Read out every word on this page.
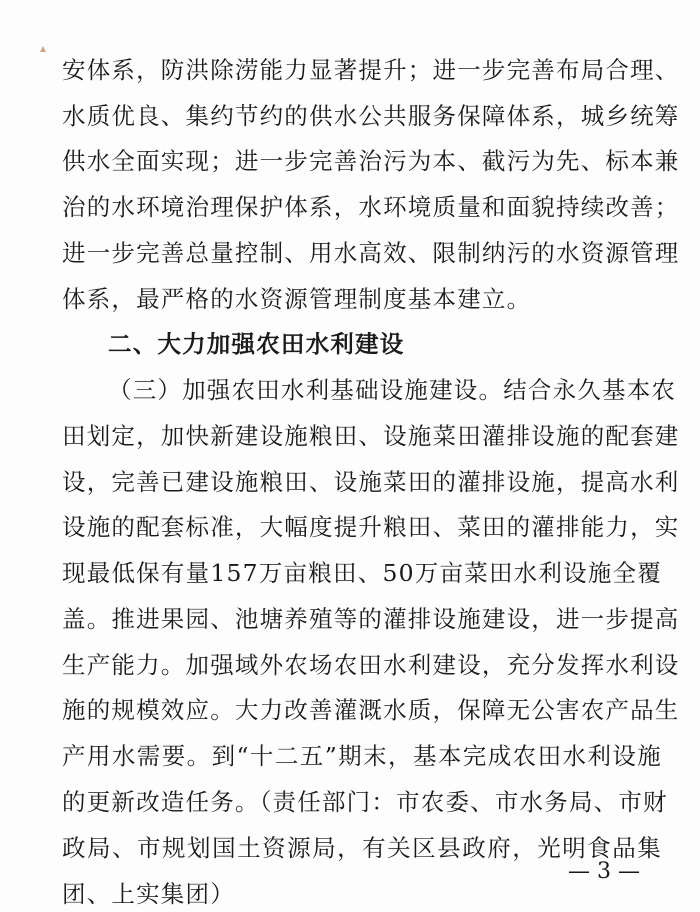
安体系，防洪除涝能力显著提升；进一步完善布局合理、
水质优良、集约节约的供水公共服务保障体系，城乡统筹
供水全面实现；进一步完善治污为本、截污为先、标本兼
治的水环境治理保护体系，水环境质量和面貌持续改善；
进一步完善总量控制、用水高效、限制纳污的水资源管理
体系，最严格的水资源管理制度基本建立。
二、大力加强农田水利建设
（三）加强农田水利基础设施建设。结合永久基本农
田划定，加快新建设施粮田、设施菜田灌排设施的配套建
设，完善已建设施粮田、设施菜田的灌排设施，提高水利
设施的配套标准，大幅度提升粮田、菜田的灌排能力，实
现最低保有量157万亩粮田、50万亩菜田水利设施全覆
盖。推进果园、池塘养殖等的灌排设施建设，进一步提高
生产能力。加强域外农场农田水利建设，充分发挥水利设
施的规模效应。大力改善灌溉水质，保障无公害农产品生
产用水需要。到“十二五”期末，基本完成农田水利设施
的更新改造任务。（责任部门：市农委、市水务局、市财
政局、市规划国土资源局，有关区县政府，光明食品集
团、上实集团）
— 3 —
